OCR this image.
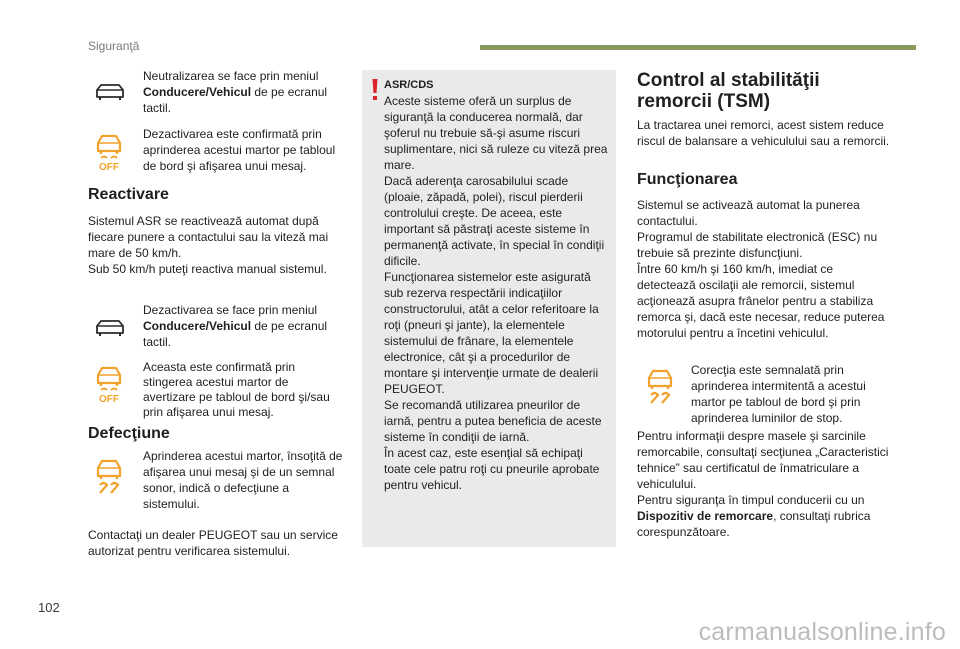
Siguranţă
Neutralizarea se face prin meniul
Conducere/Vehicul de pe ecranul tactil.
OFF
Dezactivarea este confirmată prin aprinderea acestui martor pe tabloul de bord şi afişarea unui mesaj.
Reactivare
Sistemul ASR se reactivează automat după fiecare punere a contactului sau la viteză mai mare de 50 km/h.
Sub 50 km/h puteţi reactiva manual sistemul.
Dezactivarea se face prin meniul
Conducere/Vehicul de pe ecranul tactil.
OFF
Aceasta este confirmată prin stingerea acestui martor de avertizare pe tabloul de bord şi/sau prin afişarea unui mesaj.
Defecţiune
Aprinderea acestui martor, însoţită de afişarea unui mesaj şi de un semnal sonor, indică o defecţiune a sistemului.
Contactaţi un dealer PEUGEOT sau un service autorizat pentru verificarea sistemului.
ASR/CDS
Aceste sisteme oferă un surplus de siguranţă la conducerea normală, dar şoferul nu trebuie să-şi asume riscuri suplimentare, nici să ruleze cu viteză prea mare.
Dacă aderenţa carosabilului scade (ploaie, zăpadă, polei), riscul pierderii controlului creşte. De aceea, este important să păstraţi aceste sisteme în permanenţă activate, în special în condiţii dificile.
Funcţionarea sistemelor este asigurată sub rezerva respectării indicaţiilor constructorului, atât a celor referitoare la roţi (pneuri şi jante), la elementele sistemului de frânare, la elementele electronice, cât şi a procedurilor de montare şi intervenţie urmate de dealerii PEUGEOT.
Se recomandă utilizarea pneurilor de iarnă, pentru a putea beneficia de aceste sisteme în condiţii de iarnă.
În acest caz, este esenţial să echipaţi toate cele patru roţi cu pneurile aprobate pentru vehicul.
Control al stabilităţii remorcii (TSM)
La tractarea unei remorci, acest sistem reduce riscul de balansare a vehiculului sau a remorcii.
Funcţionarea
Sistemul se activează automat la punerea contactului.
Programul de stabilitate electronică (ESC) nu trebuie să prezinte disfuncţiuni.
Între 60 km/h şi 160 km/h, imediat ce detectează oscilaţii ale remorcii, sistemul acţionează asupra frânelor pentru a stabiliza remorca şi, dacă este necesar, reduce puterea motorului pentru a încetini vehiculul.
Corecţia este semnalată prin aprinderea intermitentă a acestui martor pe tabloul de bord şi prin aprinderea luminilor de stop.
Pentru informaţii despre masele şi sarcinile remorcabile, consultaţi secţiunea „Caracteristici tehnice” sau certificatul de înmatriculare a vehiculului.
Pentru siguranţa în timpul conducerii cu un
Dispozitiv de remorcare, consultaţi rubrica corespunzătoare.
102
carmanualsonline.info
